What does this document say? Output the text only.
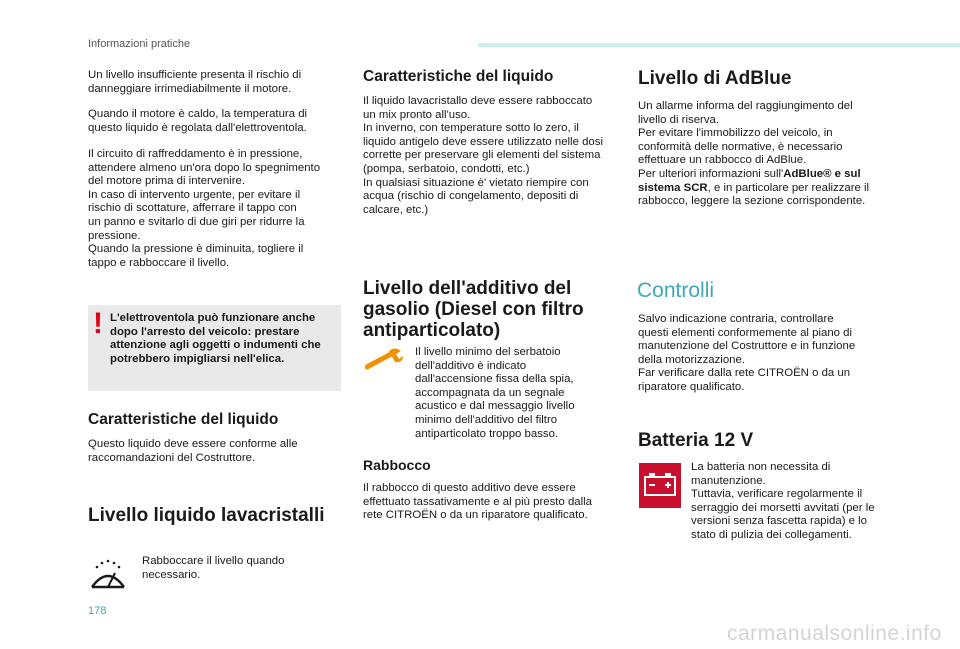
Informazioni pratiche

Un livello insufficiente presenta il rischio di
danneggiare irrimediabilmente il motore.

Quando il motore è caldo, la temperatura di
questo liquido è regolata dall'elettroventola.

Il circuito di raffreddamento è in pressione,
attendere almeno un'ora dopo lo spegnimento
del motore prima di intervenire.
In caso di intervento urgente, per evitare il
rischio di scottature, afferrare il tappo con
un panno e svitarlo di due giri per ridurre la
pressione.
Quando la pressione è diminuita, togliere il
tappo e rabboccare il livello.

! L'elettroventola può funzionare anche
dopo l'arresto del veicolo: prestare
attenzione agli oggetti o indumenti che
potrebbero impigliarsi nell'elica.

Caratteristiche del liquido

Questo liquido deve essere conforme alle
raccomandazioni del Costruttore.

Livello liquido lavacristalli

Rabboccare il livello quando
necessario.

Caratteristiche del liquido

Il liquido lavacristallo deve essere rabboccato
un mix pronto all'uso.
In inverno, con temperature sotto lo zero, il
liquido antigelo deve essere utilizzato nelle dosi
corrette per preservare gli elementi del sistema
(pompa, serbatoio, condotti, etc.)
In qualsiasi situazione è' vietato riempire con
acqua (rischio di congelamento, depositi di
calcare, etc.)

Livello dell'additivo del
gasolio (Diesel con filtro
antiparticolato)

Il livello minimo del serbatoio
dell'additivo è indicato
dall'accensione fissa della spia,
accompagnata da un segnale
acustico e dal messaggio livello
minimo dell'additivo del filtro
antiparticolato troppo basso.

Rabbocco

Il rabbocco di questo additivo deve essere
effettuato tassativamente e al più presto dalla
rete CITROËN o da un riparatore qualificato.

Livello di AdBlue

Un allarme informa del raggiungimento del
livello di riserva.
Per evitare l'immobilizzo del veicolo, in
conformità delle normative, è necessario
effettuare un rabbocco di AdBlue.
Per ulteriori informazioni sull'AdBlue® e sul
sistema SCR, e in particolare per realizzare il
rabbocco, leggere la sezione corrispondente.

Controlli

Salvo indicazione contraria, controllare
questi elementi conformemente al piano di
manutenzione del Costruttore e in funzione
della motorizzazione.
Far verificare dalla rete CITROËN o da un
riparatore qualificato.

Batteria 12 V

La batteria non necessita di
manutenzione.
Tuttavia, verificare regolarmente il
serraggio dei morsetti avvitati (per le
versioni senza fascetta rapida) e lo
stato di pulizia dei collegamenti.

178
carmanualsonline.info
